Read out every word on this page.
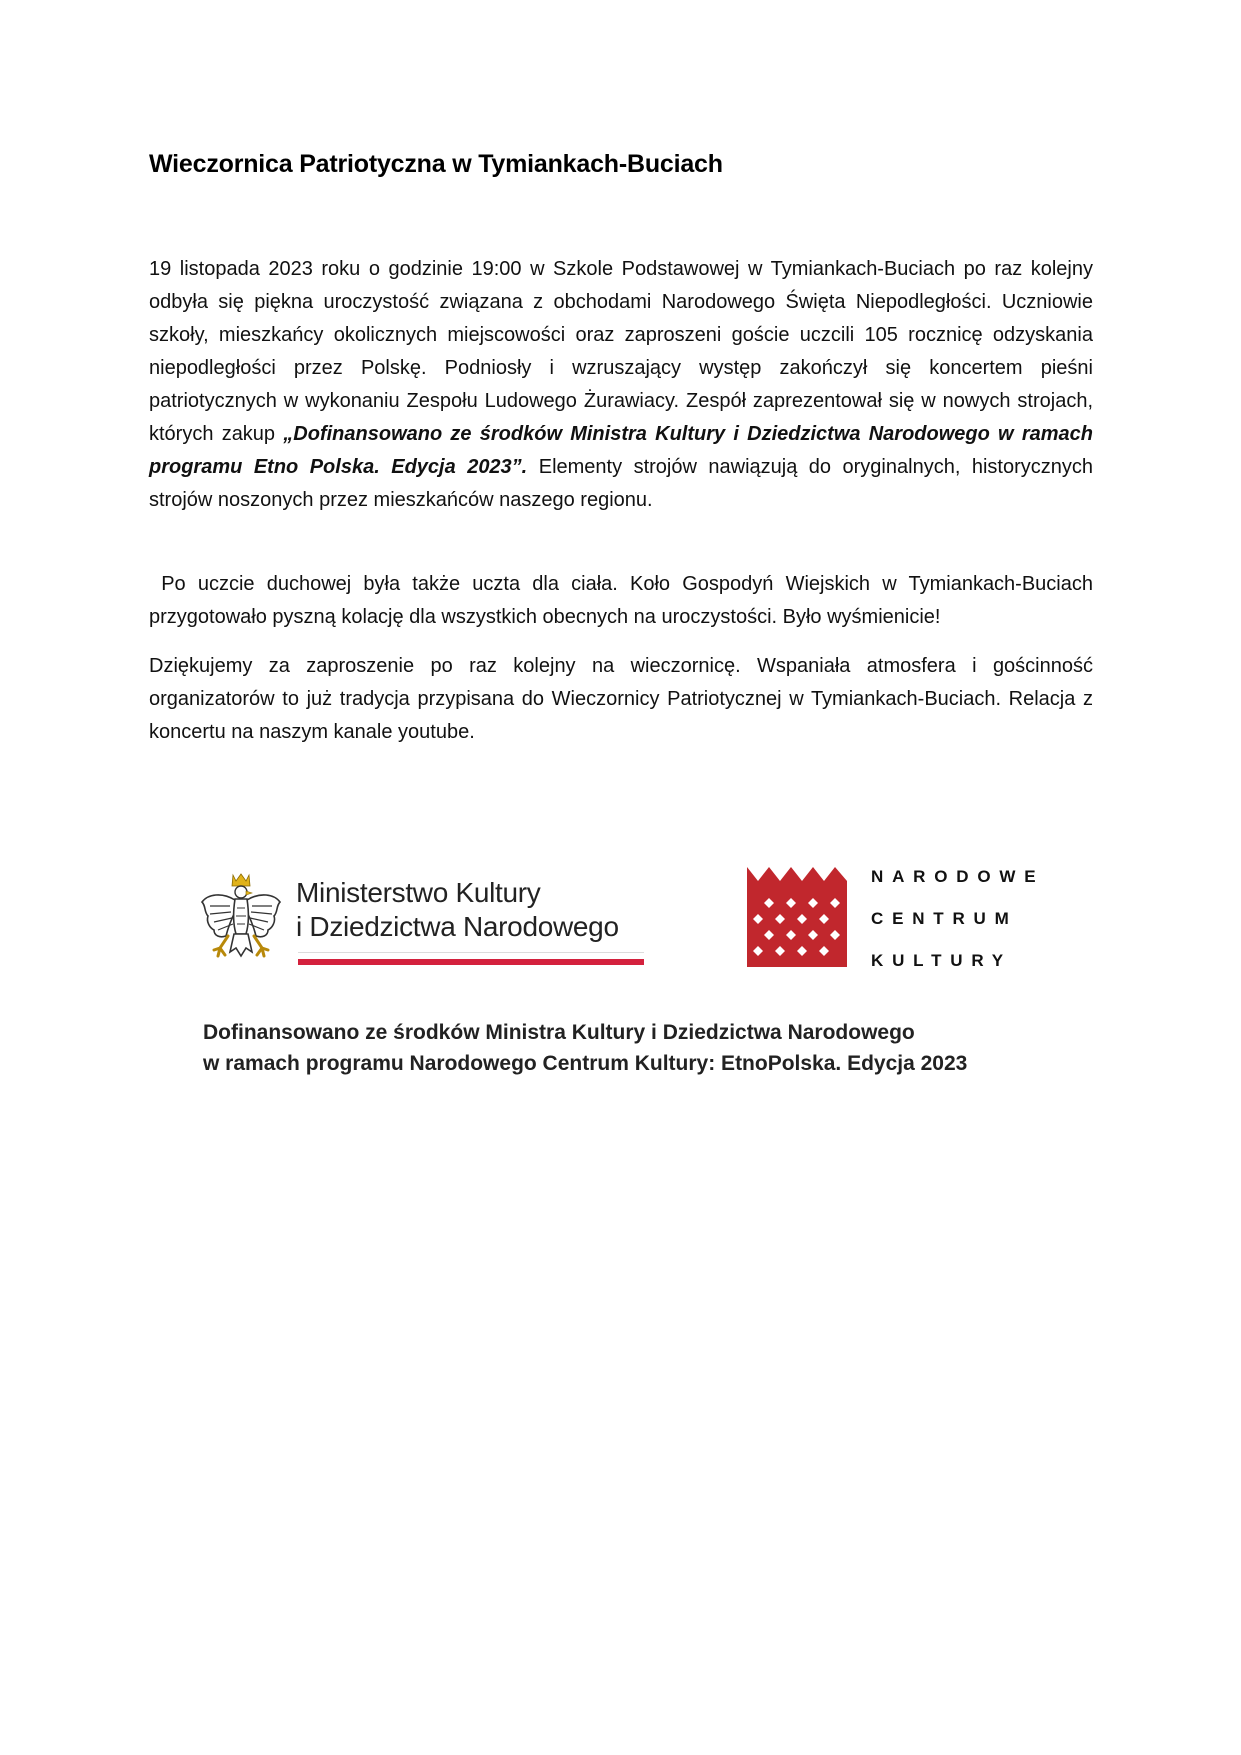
Wieczornica Patriotyczna w Tymiankach-Buciach

19 listopada 2023 roku o godzinie 19:00 w Szkole Podstawowej w Tymiankach-Buciach po raz kolejny odbyła się piękna uroczystość związana z obchodami Narodowego Święta Niepodległości. Uczniowie szkoły, mieszkańcy okolicznych miejscowości oraz zaproszeni goście uczcili 105 rocznicę odzyskania niepodległości przez Polskę. Podniosły i wzruszający występ zakończył się koncertem pieśni patriotycznych w wykonaniu Zespołu Ludowego Żurawiacy. Zespół zaprezentował się w nowych strojach, których zakup „Dofinansowano ze środków Ministra Kultury i Dziedzictwa Narodowego w ramach programu Etno Polska. Edycja 2023”. Elementy strojów nawiązują do oryginalnych, historycznych strojów noszonych przez mieszkańców naszego regionu.

Po uczcie duchowej była także uczta dla ciała. Koło Gospodyń Wiejskich w Tymiankach-Buciach przygotowało pyszną kolację dla wszystkich obecnych na uroczystości. Było wyśmienicie!

Dziękujemy za zaproszenie po raz kolejny na wieczornicę. Wspaniała atmosfera i gościnność organizatorów to już tradycja przypisana do Wieczornicy Patriotycznej w Tymiankach-Buciach. Relacja z koncertu na naszym kanale youtube.

Ministerstwo Kultury
i Dziedzictwa Narodowego
NARODOWE
CENTRUM
KULTURY
Dofinansowano ze środków Ministra Kultury i Dziedzictwa Narodowego
w ramach programu Narodowego Centrum Kultury: EtnoPolska. Edycja 2023
